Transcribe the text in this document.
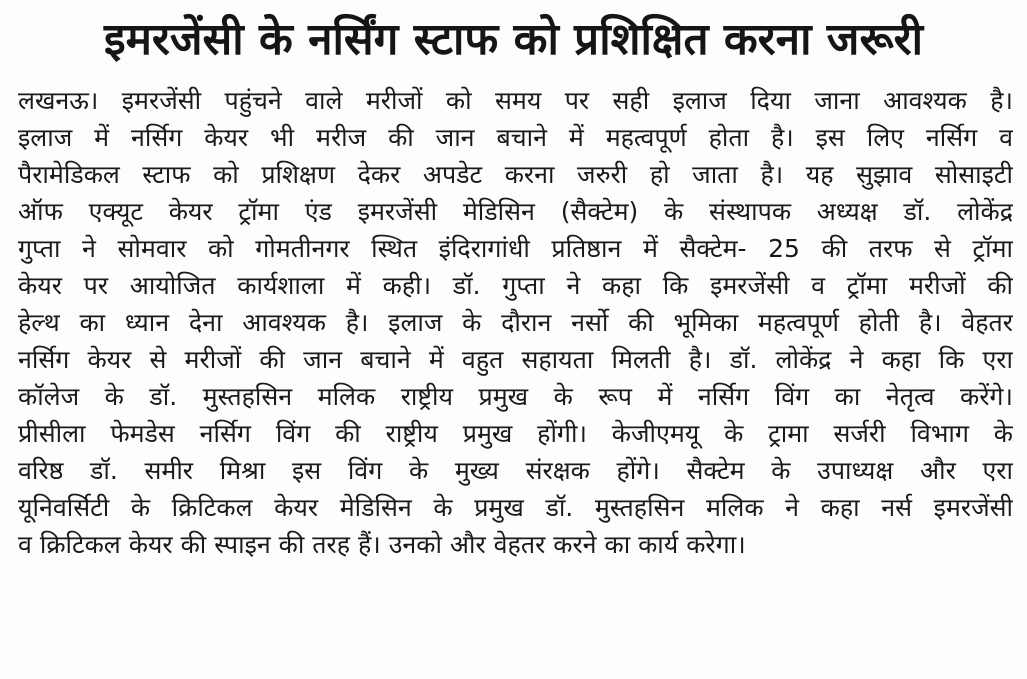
इमरजेंसी के नर्सिंग स्टाफ को प्रशिक्षित करना जरूरी
लखनऊ। इमरजेंसी पहुंचने वाले मरीजों को समय पर सही इलाज दिया जाना आवश्यक है।
इलाज में नर्सिग केयर भी मरीज की जान बचाने में महत्वपूर्ण होता है। इस लिए नर्सिग व
पैरामेडिकल स्टाफ को प्रशिक्षण देकर अपडेट करना जरुरी हो जाता है। यह सुझाव सोसाइटी
ऑफ एक्यूट केयर ट्रॉमा एंड इमरजेंसी मेडिसिन (सैक्टेम) के संस्थापक अध्यक्ष डॉ. लोकेंद्र
गुप्ता ने सोमवार को गोमतीनगर स्थित इंदिरागांधी प्रतिष्ठान में सैक्टेम- 25 की तरफ से ट्रॉमा
केयर पर आयोजित कार्यशाला में कही। डॉ. गुप्ता ने कहा कि इमरजेंसी व ट्रॉमा मरीजों की
हेल्थ का ध्यान देना आवश्यक है। इलाज के दौरान नर्सो की भूमिका महत्वपूर्ण होती है। वेहतर
नर्सिग केयर से मरीजों की जान बचाने में वहुत सहायता मिलती है। डॉ. लोकेंद्र ने कहा कि एरा
कॉलेज के डॉ. मुस्तहसिन मलिक राष्ट्रीय प्रमुख के रूप में नर्सिग विंग का नेतृत्व करेंगे।
प्रीसीला फेमडेस नर्सिग विंग की राष्ट्रीय प्रमुख होंगी। केजीएमयू के ट्रामा सर्जरी विभाग के
वरिष्ठ डॉ. समीर मिश्रा इस विंग के मुख्य संरक्षक होंगे। सैक्टेम के उपाध्यक्ष और एरा
यूनिवर्सिटी के क्रिटिकल केयर मेडिसिन के प्रमुख डॉ. मुस्तहसिन मलिक ने कहा नर्स इमरजेंसी
व क्रिटिकल केयर की स्पाइन की तरह हैं। उनको और वेहतर करने का कार्य करेगा।
